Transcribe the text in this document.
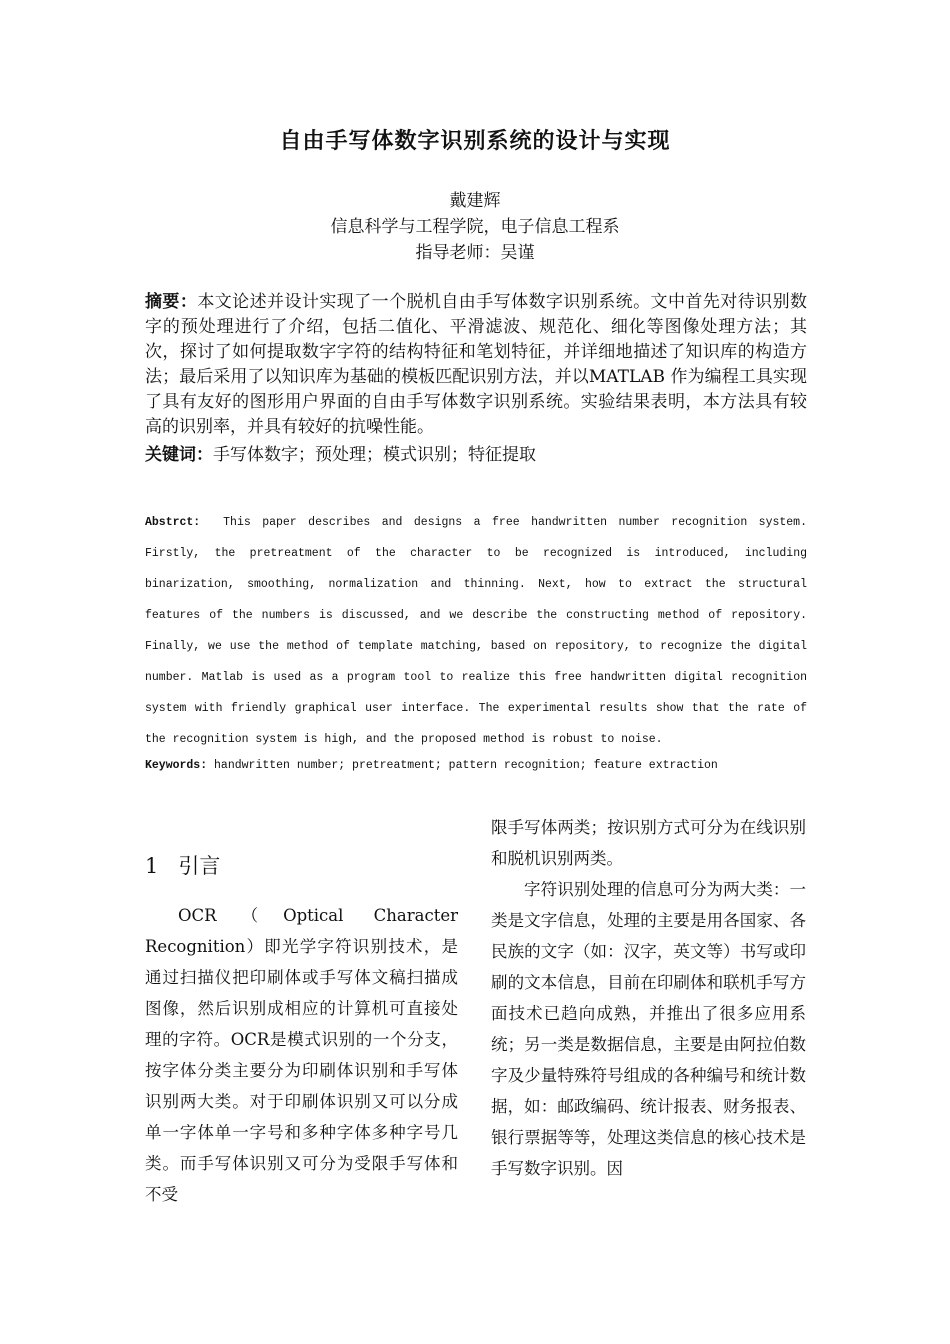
自由手写体数字识别系统的设计与实现
戴建辉
信息科学与工程学院，电子信息工程系
指导老师：吴谨
摘要：本文论述并设计实现了一个脱机自由手写体数字识别系统。文中首先对待识别数字的预处理进行了介绍，包括二值化、平滑滤波、规范化、细化等图像处理方法；其次，探讨了如何提取数字字符的结构特征和笔划特征，并详细地描述了知识库的构造方法；最后采用了以知识库为基础的模板匹配识别方法，并以MATLAB 作为编程工具实现了具有友好的图形用户界面的自由手写体数字识别系统。实验结果表明，本方法具有较高的识别率，并具有较好的抗噪性能。
关键词：手写体数字；预处理；模式识别；特征提取
Abstrct: This paper describes and designs a free handwritten number recognition system. Firstly, the pretreatment of the character to be recognized is introduced, including binarization, smoothing, normalization and thinning. Next, how to extract the structural features of the numbers is discussed, and we describe the constructing method of repository. Finally, we use the method of template matching, based on repository, to recognize the digital number. Matlab is used as a program tool to realize this free handwritten digital recognition system with friendly graphical user interface. The experimental results show that the rate of the recognition system is high, and the proposed method is robust to noise.
Keywords: handwritten number; pretreatment; pattern recognition; feature extraction
1 引言

OCR（Optical Character Recognition）即光学字符识别技术，是通过扫描仪把印刷体或手写体文稿扫描成图像，然后识别成相应的计算机可直接处理的字符。OCR是模式识别的一个分支，按字体分类主要分为印刷体识别和手写体识别两大类。对于印刷体识别又可以分成单一字体单一字号和多种字体多种字号几类。而手写体识别又可分为受限手写体和不受

限手写体两类；按识别方式可分为在线识别和脱机识别两类。

字符识别处理的信息可分为两大类：一类是文字信息，处理的主要是用各国家、各民族的文字（如：汉字，英文等）书写或印刷的文本信息，目前在印刷体和联机手写方面技术已趋向成熟，并推出了很多应用系统；另一类是数据信息，主要是由阿拉伯数字及少量特殊符号组成的各种编号和统计数据，如：邮政编码、统计报表、财务报表、银行票据等等，处理这类信息的核心技术是手写数字识别。因
